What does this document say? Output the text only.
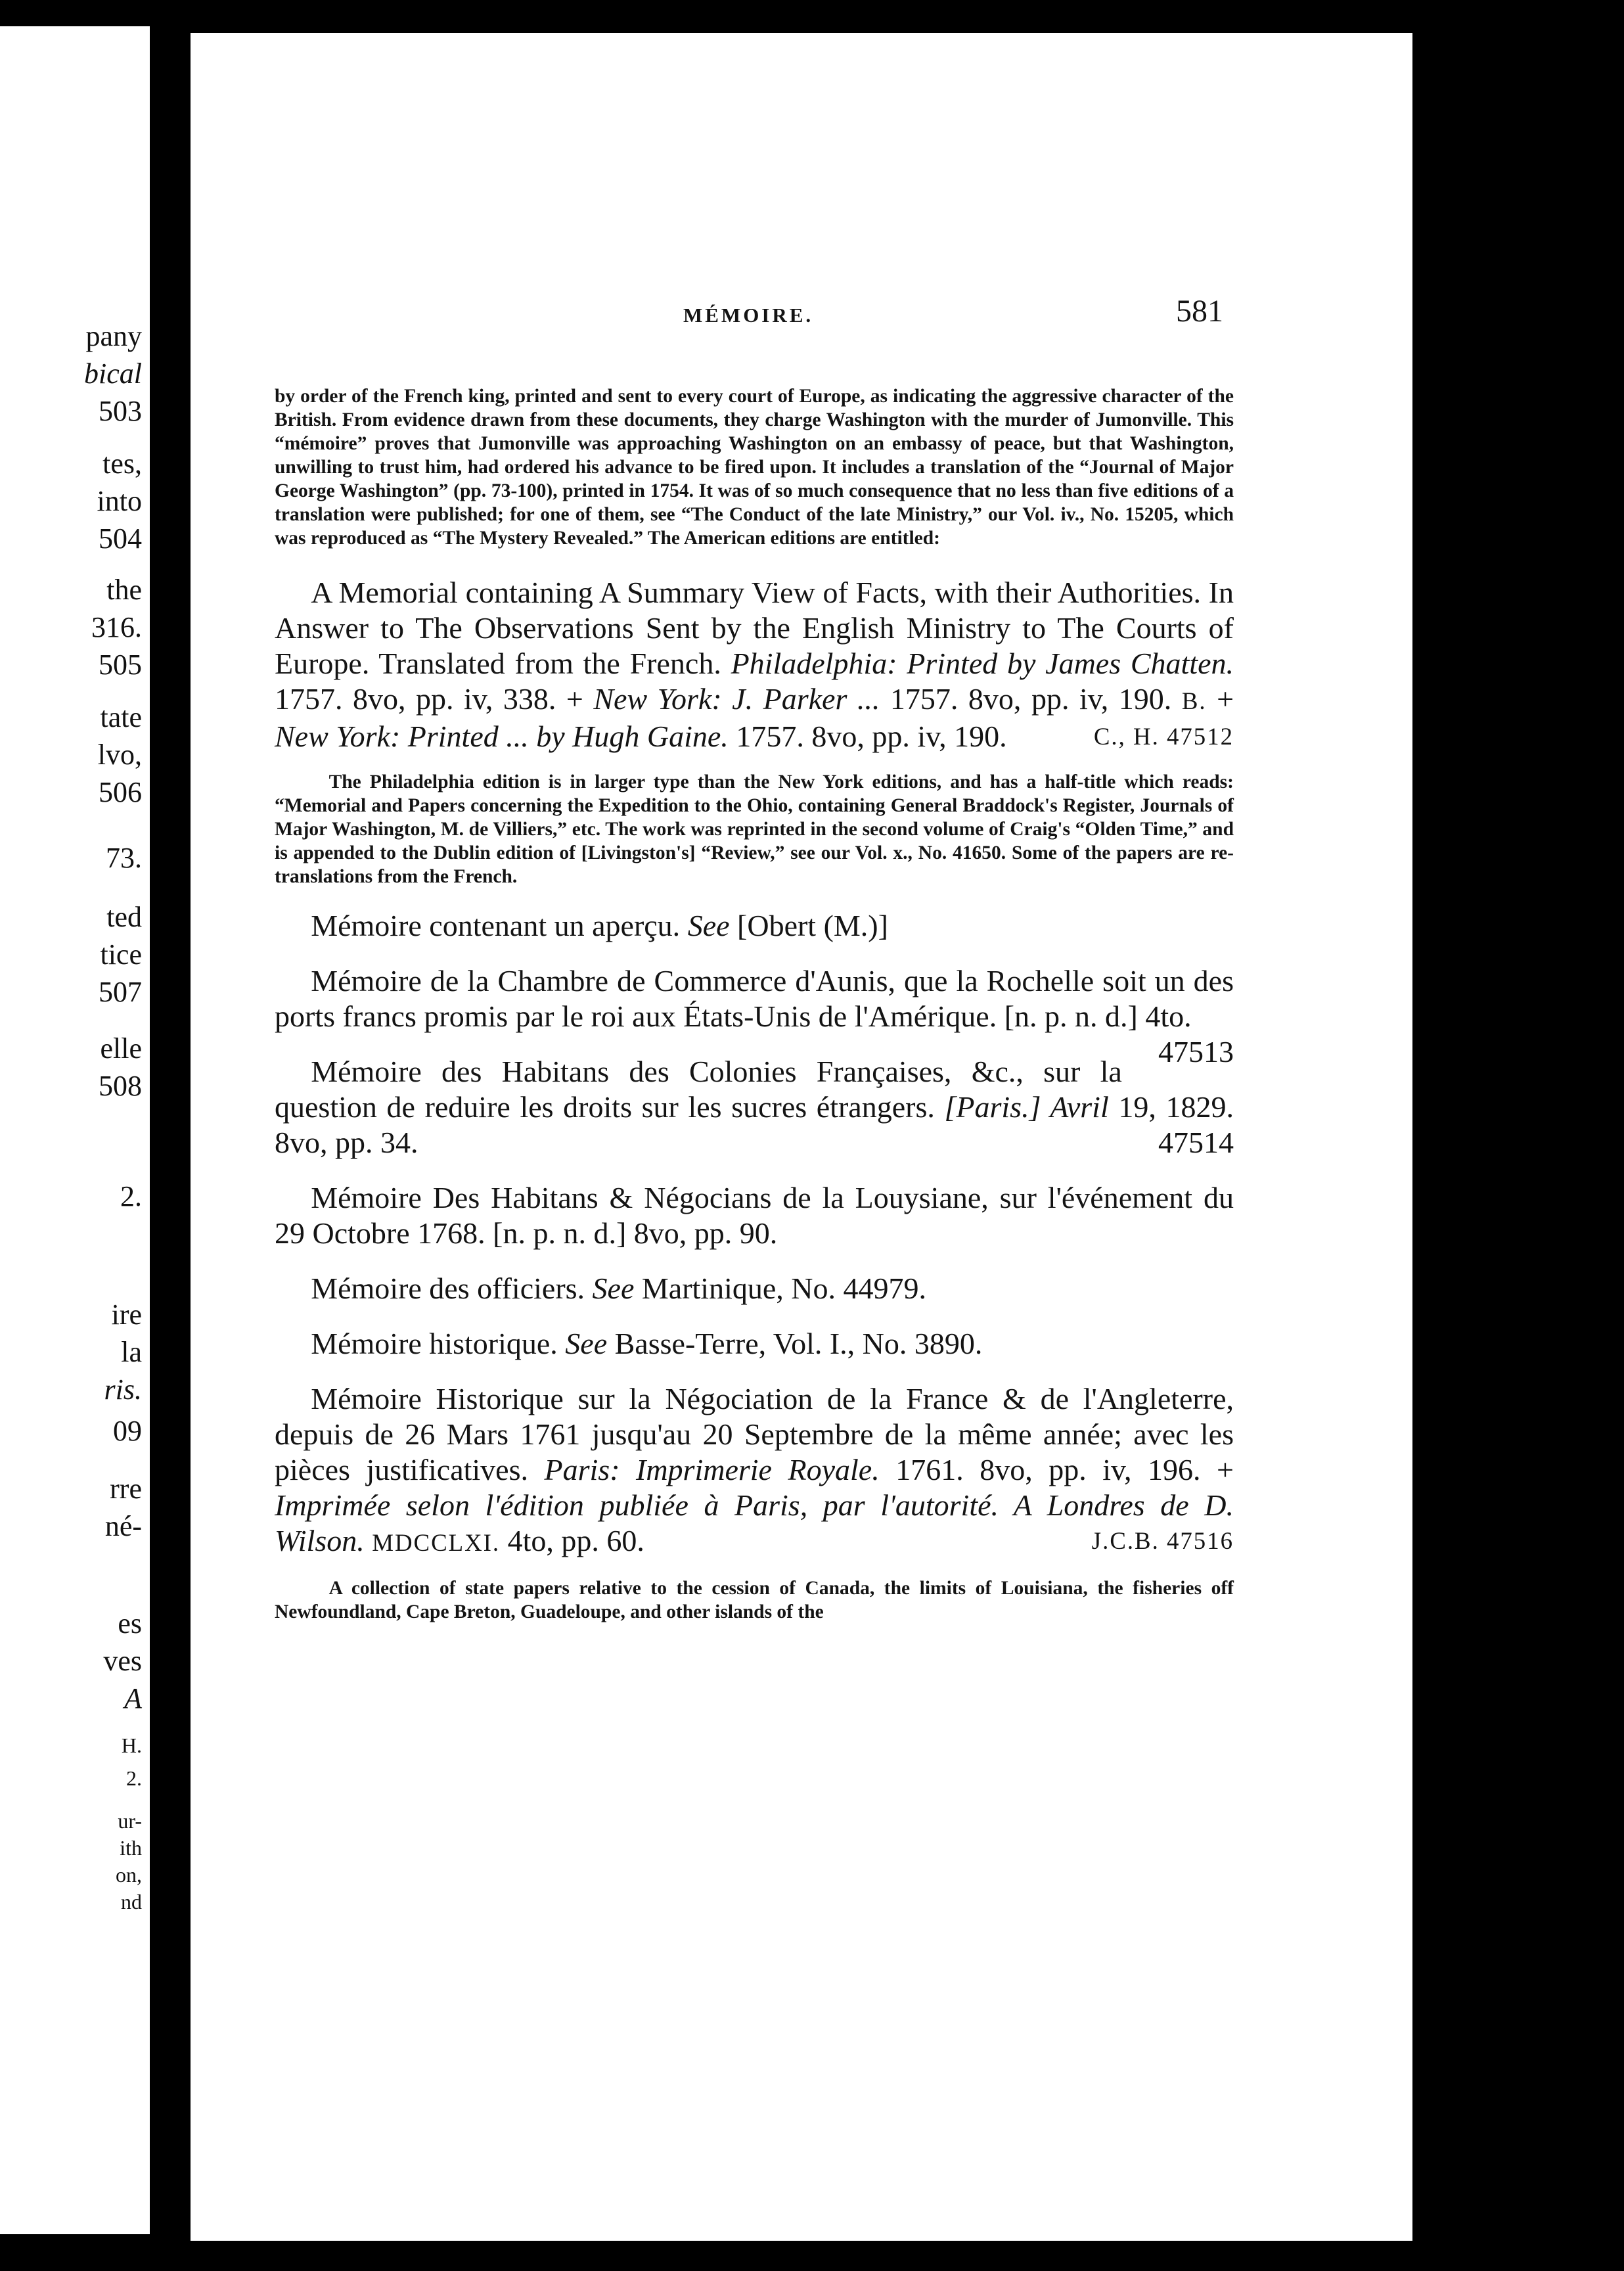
pany
bical
503
tes,
into
504
the
316.
505
tate
lvo,
506
73.
ted
tice
507
elle
508
2.
ire
la
ris.
09
rre
né-
es
ves
A
H.
2.
ur-
ith
on,
nd
MÉMOIRE.	581

by order of the French king, printed and sent to every court of Europe, as indicating the aggressive character of the British. From evidence drawn from these documents, they charge Washington with the murder of Jumonville. This “mémoire” proves that Jumonville was approaching Washington on an embassy of peace, but that Washington, unwilling to trust him, had ordered his advance to be fired upon. It includes a translation of the “Journal of Major George Washington” (pp. 73-100), printed in 1754. It was of so much consequence that no less than five editions of a translation were published; for one of them, see “The Conduct of the late Ministry,” our Vol. iv., No. 15205, which was reproduced as “The Mystery Revealed.” The American editions are entitled:

A Memorial containing A Summary View of Facts, with their Authorities. In Answer to The Observations Sent by the English Ministry to The Courts of Europe. Translated from the French. Philadelphia: Printed by James Chatten. 1757. 8vo, pp. iv, 338. + New York: J. Parker ... 1757. 8vo, pp. iv, 190. B. + New York: Printed ... by Hugh Gaine. 1757. 8vo, pp. iv, 190.	C., H. 47512

The Philadelphia edition is in larger type than the New York editions, and has a half-title which reads: “Memorial and Papers concerning the Expedition to the Ohio, containing General Braddock's Register, Journals of Major Washington, M. de Villiers,” etc. The work was reprinted in the second volume of Craig's “Olden Time,” and is appended to the Dublin edition of [Livingston's] “Review,” see our Vol. x., No. 41650. Some of the papers are re-translations from the French.

Mémoire contenant un aperçu. See [Obert (M.)]

Mémoire de la Chambre de Commerce d'Aunis, que la Rochelle soit un des ports francs promis par le roi aux États-Unis de l'Amérique. [n. p. n. d.] 4to.
47513

Mémoire des Habitans des Colonies Françaises, &c., sur la question de reduire les droits sur les sucres étrangers. [Paris.] Avril 19, 1829. 8vo, pp. 34.	47514

Mémoire Des Habitans & Négocians de la Louysiane, sur l'événement du 29 Octobre 1768. [n. p. n. d.] 8vo, pp. 90.

Mémoire des officiers. See Martinique, No. 44979.

Mémoire historique. See Basse-Terre, Vol. I., No. 3890.

Mémoire Historique sur la Négociation de la France & de l'Angleterre, depuis de 26 Mars 1761 jusqu'au 20 Septembre de la même année; avec les pièces justificatives. Paris: Imprimerie Royale. 1761. 8vo, pp. iv, 196. + Imprimée selon l'édition publiée à Paris, par l'autorité. A Londres de D. Wilson. MDCCLXI. 4to, pp. 60.	J.C.B. 47516

A collection of state papers relative to the cession of Canada, the limits of Louisiana, the fisheries off Newfoundland, Cape Breton, Guadeloupe, and other islands of the
